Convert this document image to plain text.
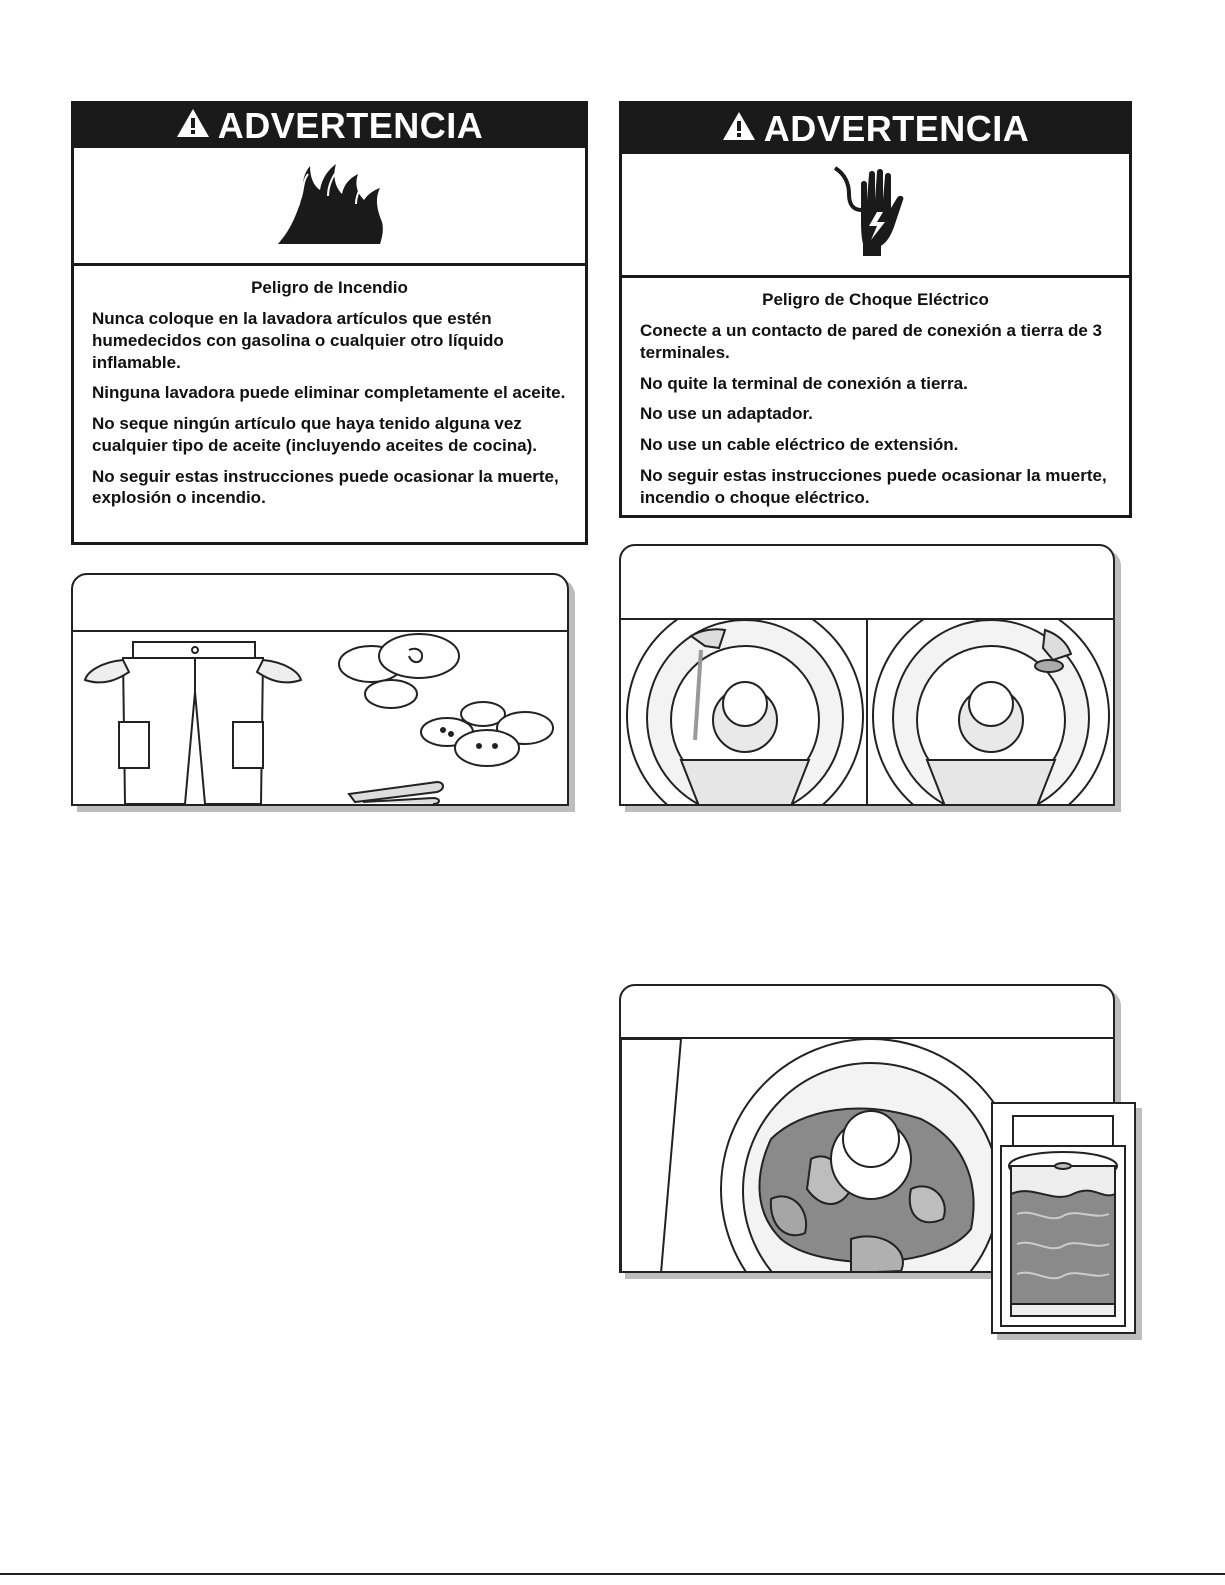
ADVERTENCIA
Peligro de Incendio

Nunca coloque en la lavadora artículos que estén humedecidos con gasolina o cualquier otro líquido inflamable.

Ninguna lavadora puede eliminar completamente el aceite.

No seque ningún artículo que haya tenido alguna vez cualquier tipo de aceite (incluyendo aceites de cocina).

No seguir estas instrucciones puede ocasionar la muerte, explosión o incendio.

ADVERTENCIA
Peligro de Choque Eléctrico

Conecte a un contacto de pared de conexión a tierra de 3 terminales.

No quite la terminal de conexión a tierra.

No use un adaptador.

No use un cable eléctrico de extensión.

No seguir estas instrucciones puede ocasionar la muerte, incendio o choque eléctrico.
